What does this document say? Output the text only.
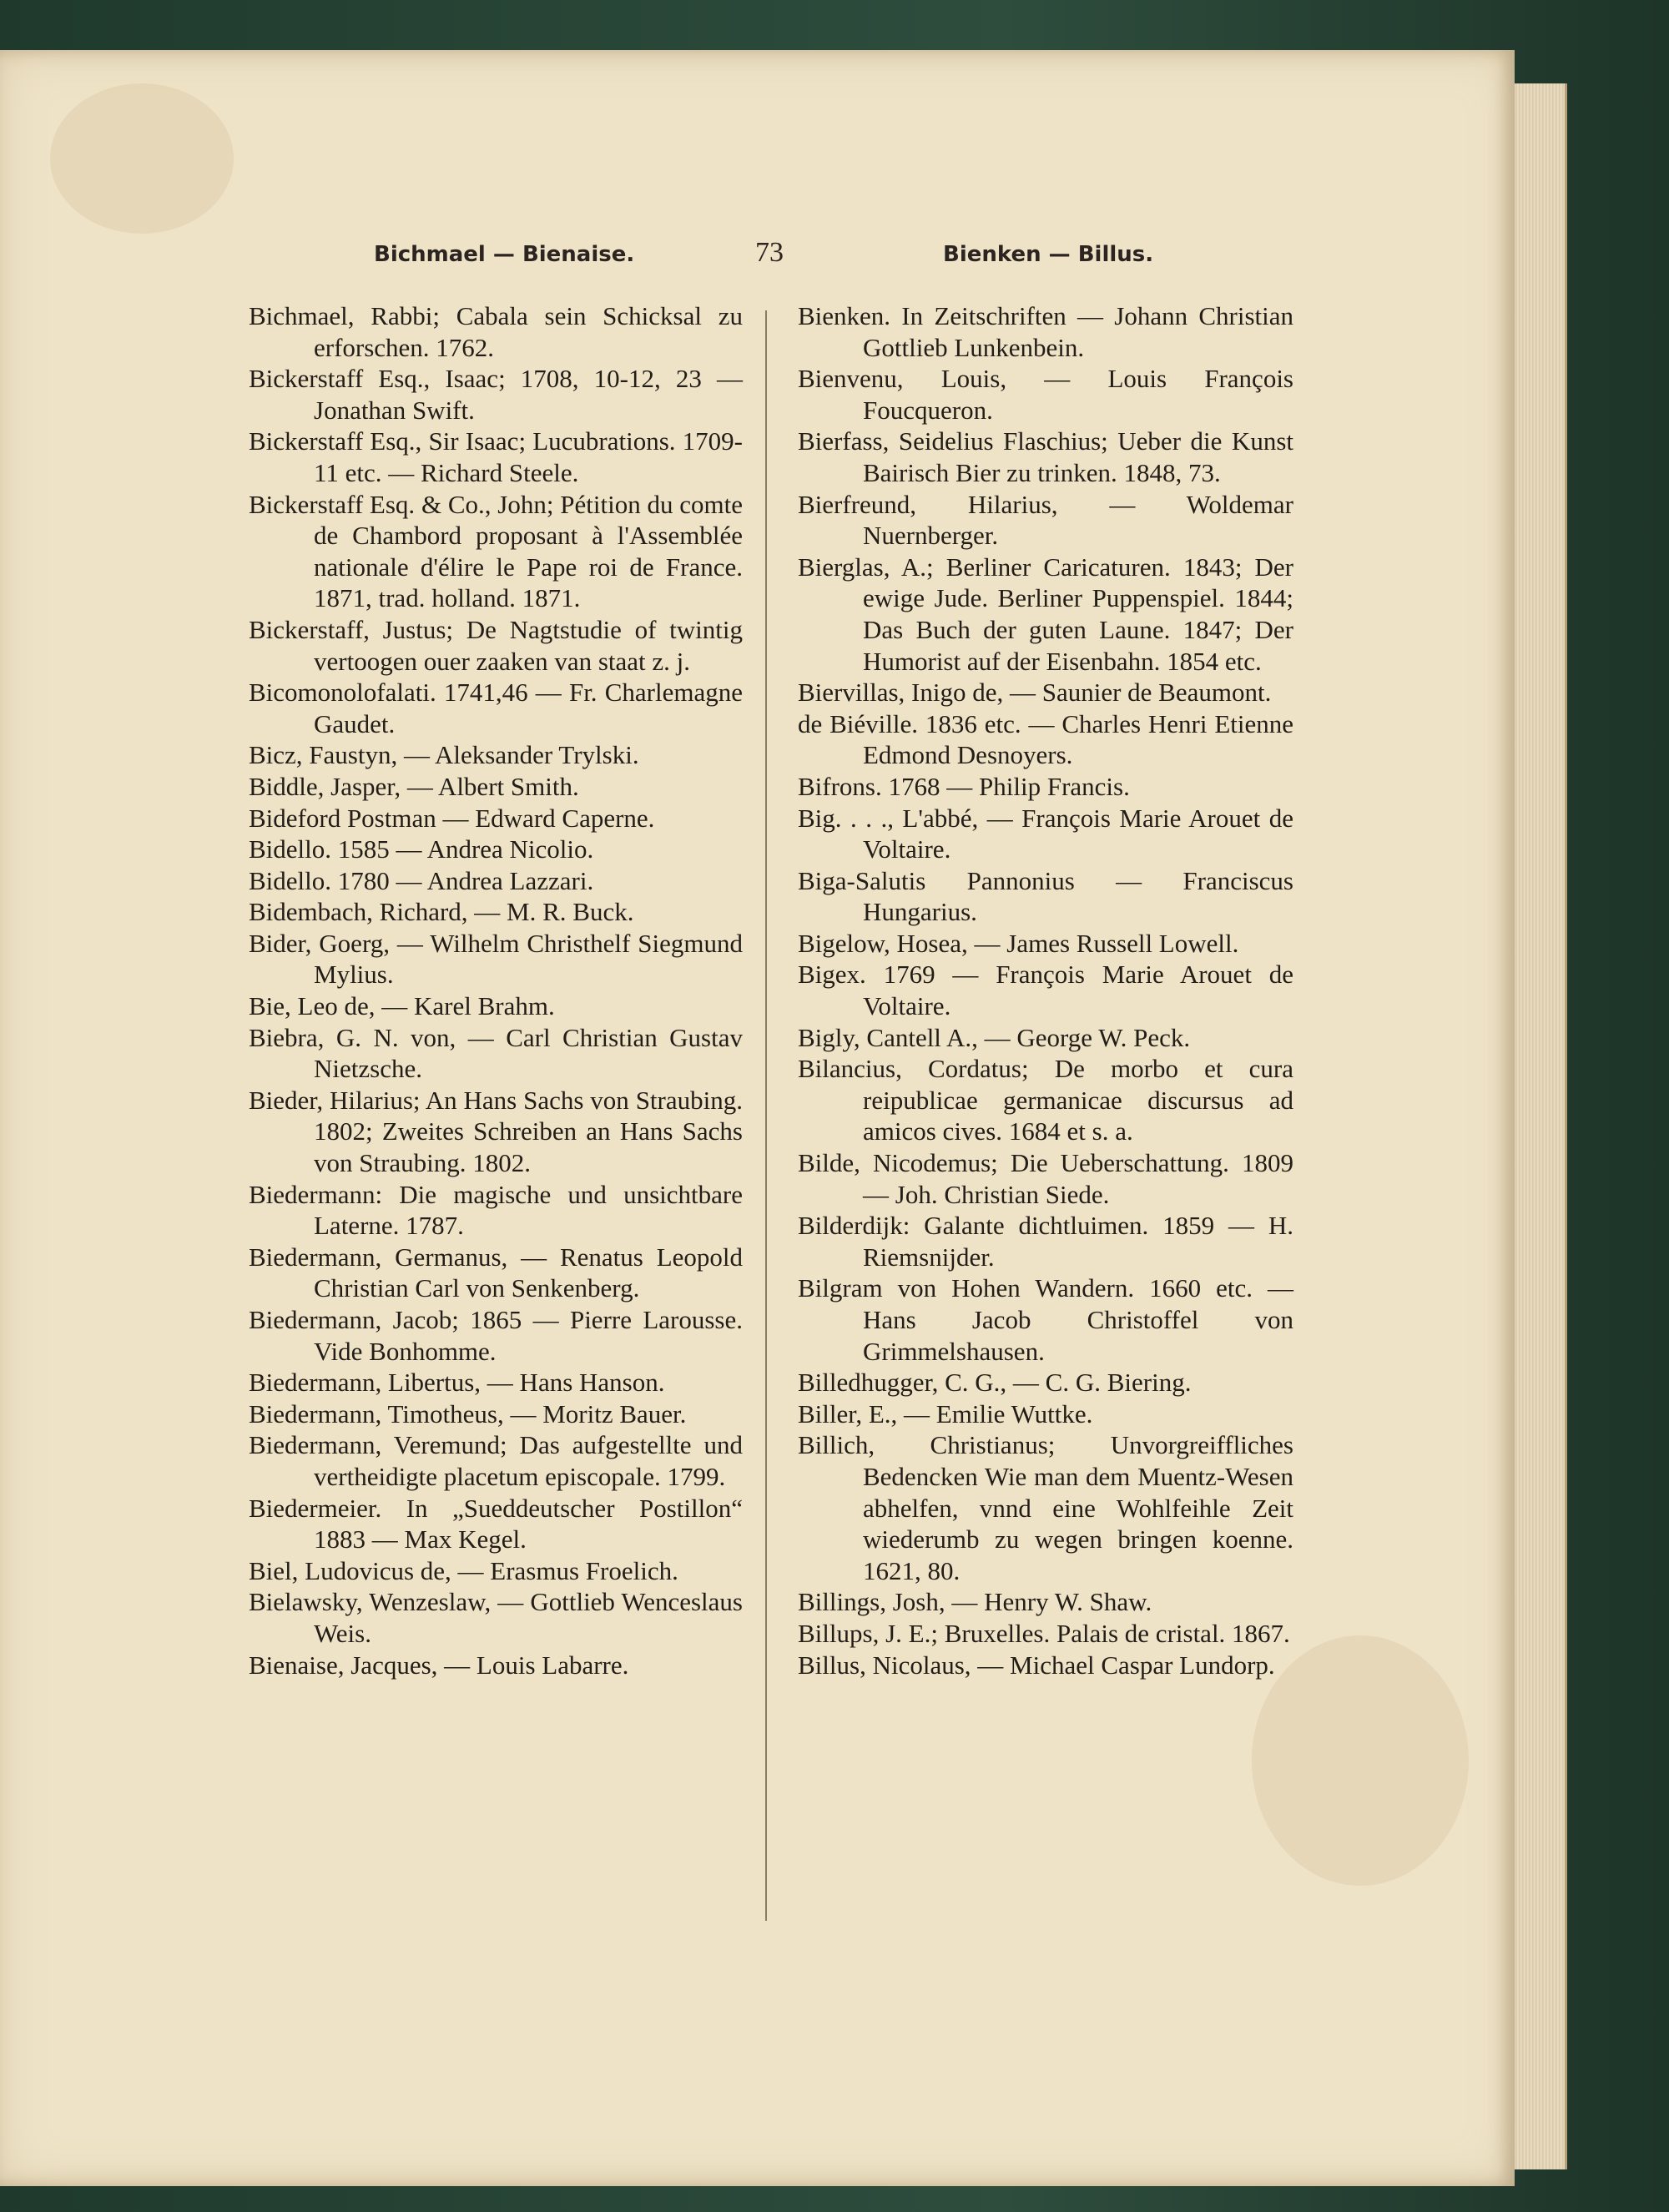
Bichmael — Bienaise.	73	Bienken — Billus.
Bichmael, Rabbi; Cabala sein Schicksal zu erforschen. 1762.
Bickerstaff Esq., Isaac; 1708, 10-12, 23 — Jonathan Swift.
Bickerstaff Esq., Sir Isaac; Lucubrations. 1709-11 etc. — Richard Steele.
Bickerstaff Esq. & Co., John; Pétition du comte de Chambord proposant à l'Assemblée nationale d'élire le Pape roi de France. 1871, trad. holland. 1871.
Bickerstaff, Justus; De Nagtstudie of twintig vertoogen ouer zaaken van staat z. j.
Bicomonolofalati. 1741,46 — Fr. Charlemagne Gaudet.
Bicz, Faustyn, — Aleksander Trylski.
Biddle, Jasper, — Albert Smith.
Bideford Postman — Edward Caperne.
Bidello. 1585 — Andrea Nicolio.
Bidello. 1780 — Andrea Lazzari.
Bidembach, Richard, — M. R. Buck.
Bider, Goerg, — Wilhelm Christhelf Siegmund Mylius.
Bie, Leo de, — Karel Brahm.
Biebra, G. N. von, — Carl Christian Gustav Nietzsche.
Bieder, Hilarius; An Hans Sachs von Straubing. 1802; Zweites Schreiben an Hans Sachs von Straubing. 1802.
Biedermann: Die magische und unsichtbare Laterne. 1787.
Biedermann, Germanus, — Renatus Leopold Christian Carl von Senkenberg.
Biedermann, Jacob; 1865 — Pierre Larousse. Vide Bonhomme.
Biedermann, Libertus, — Hans Hanson.
Biedermann, Timotheus, — Moritz Bauer.
Biedermann, Veremund; Das aufgestellte und vertheidigte placetum episcopale. 1799.
Biedermeier. In „Sueddeutscher Postillon“ 1883 — Max Kegel.
Biel, Ludovicus de, — Erasmus Froelich.
Bielawsky, Wenzeslaw, — Gottlieb Wenceslaus Weis.
Bienaise, Jacques, — Louis Labarre.
Bienken. In Zeitschriften — Johann Christian Gottlieb Lunkenbein.
Bienvenu, Louis, — Louis François Foucqueron.
Bierfass, Seidelius Flaschius; Ueber die Kunst Bairisch Bier zu trinken. 1848, 73.
Bierfreund, Hilarius, — Woldemar Nuernberger.
Bierglas, A.; Berliner Caricaturen. 1843; Der ewige Jude. Berliner Puppenspiel. 1844; Das Buch der guten Laune. 1847; Der Humorist auf der Eisenbahn. 1854 etc.
Biervillas, Inigo de, — Saunier de Beaumont.
de Biéville. 1836 etc. — Charles Henri Etienne Edmond Desnoyers.
Bifrons. 1768 — Philip Francis.
Big. . . ., L'abbé, — François Marie Arouet de Voltaire.
Biga-Salutis Pannonius — Franciscus Hungarius.
Bigelow, Hosea, — James Russell Lowell.
Bigex. 1769 — François Marie Arouet de Voltaire.
Bigly, Cantell A., — George W. Peck.
Bilancius, Cordatus; De morbo et cura reipublicae germanicae discursus ad amicos cives. 1684 et s. a.
Bilde, Nicodemus; Die Ueberschattung. 1809 — Joh. Christian Siede.
Bilderdijk: Galante dichtluimen. 1859 — H. Riemsnijder.
Bilgram von Hohen Wandern. 1660 etc. — Hans Jacob Christoffel von Grimmelshausen.
Billedhugger, C. G., — C. G. Biering.
Biller, E., — Emilie Wuttke.
Billich, Christianus; Unvorgreiffliches Bedencken Wie man dem Muentz-Wesen abhelfen, vnnd eine Wohlfeihle Zeit wiederumb zu wegen bringen koenne. 1621, 80.
Billings, Josh, — Henry W. Shaw.
Billups, J. E.; Bruxelles. Palais de cristal. 1867.
Billus, Nicolaus, — Michael Caspar Lundorp.
